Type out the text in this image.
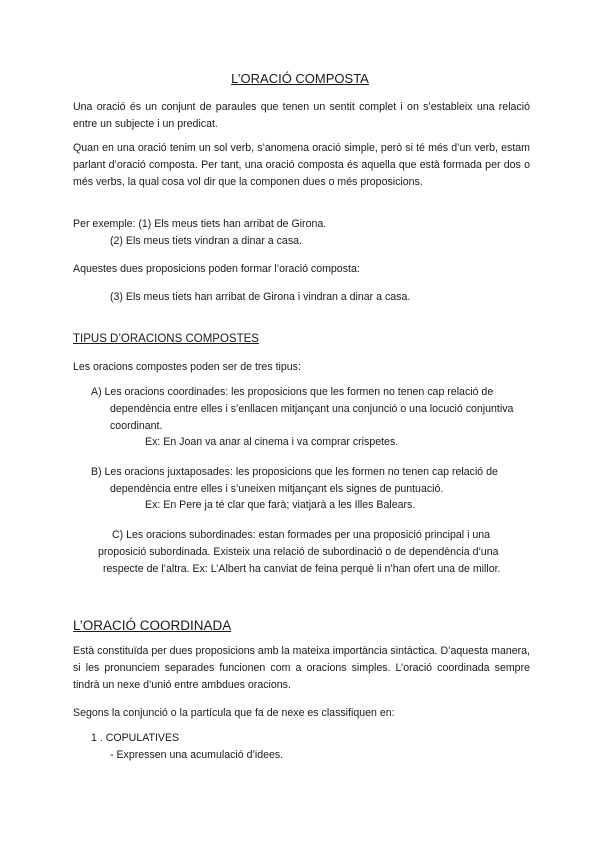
L’ORACIÓ COMPOSTA

Una oració és un conjunt de paraules que tenen un sentit complet i on s’estableix una relació entre un subjecte i un predicat.

Quan en una oració tenim un sol verb, s’anomena oració simple, però si té més d’un verb, estam parlant d’oració composta. Per tant, una oració composta és aquella que està formada per dos o més verbs, la qual cosa vol dir que la componen dues o més proposicions.

Per exemple: (1) Els meus tiets han arribat de Girona.

(2) Els meus tiets vindran a dinar a casa.

Aquestes dues proposicions poden formar l’oració composta:

(3) Els meus tiets han arribat de Girona i vindran a dinar a casa.

TIPUS D’ORACIONS COMPOSTES

Les oracions compostes poden ser de tres tipus:

A) Les oracions coordinades: les proposicions que les formen no tenen cap relació de

dependència entre elles i s’enllacen mitjançant una conjunció o una locució conjuntiva

coordinant.

Ex: En Joan va anar al cinema i va comprar crispetes.

B) Les oracions juxtaposades: les proposicions que les formen no tenen cap relació de

dependència entre elles i s’uneixen mitjançant els signes de puntuació.

Ex: En Pere ja té clar que farà; viatjarà a les Illes Balears.

C) Les oracions subordinades: estan formades per una proposició principal i una

proposició subordinada. Existeix una relació de subordinació o de dependència d’una

respecte de l’altra. Ex: L’Albert ha canviat de feina perquè li n’han ofert una de millor.

L’ORACIÓ COORDINADA

Està constituïda per dues proposicions amb la mateixa importància sintàctica. D’aquesta manera, si les pronunciem separades funcionen com a oracions simples. L’oració coordinada sempre tindrà un nexe d’unió entre ambdues oracions.

Segons la conjunció o la partícula que fa de nexe es classifiquen en:

1 . COPULATIVES

- Expressen una acumulació d’idees.
